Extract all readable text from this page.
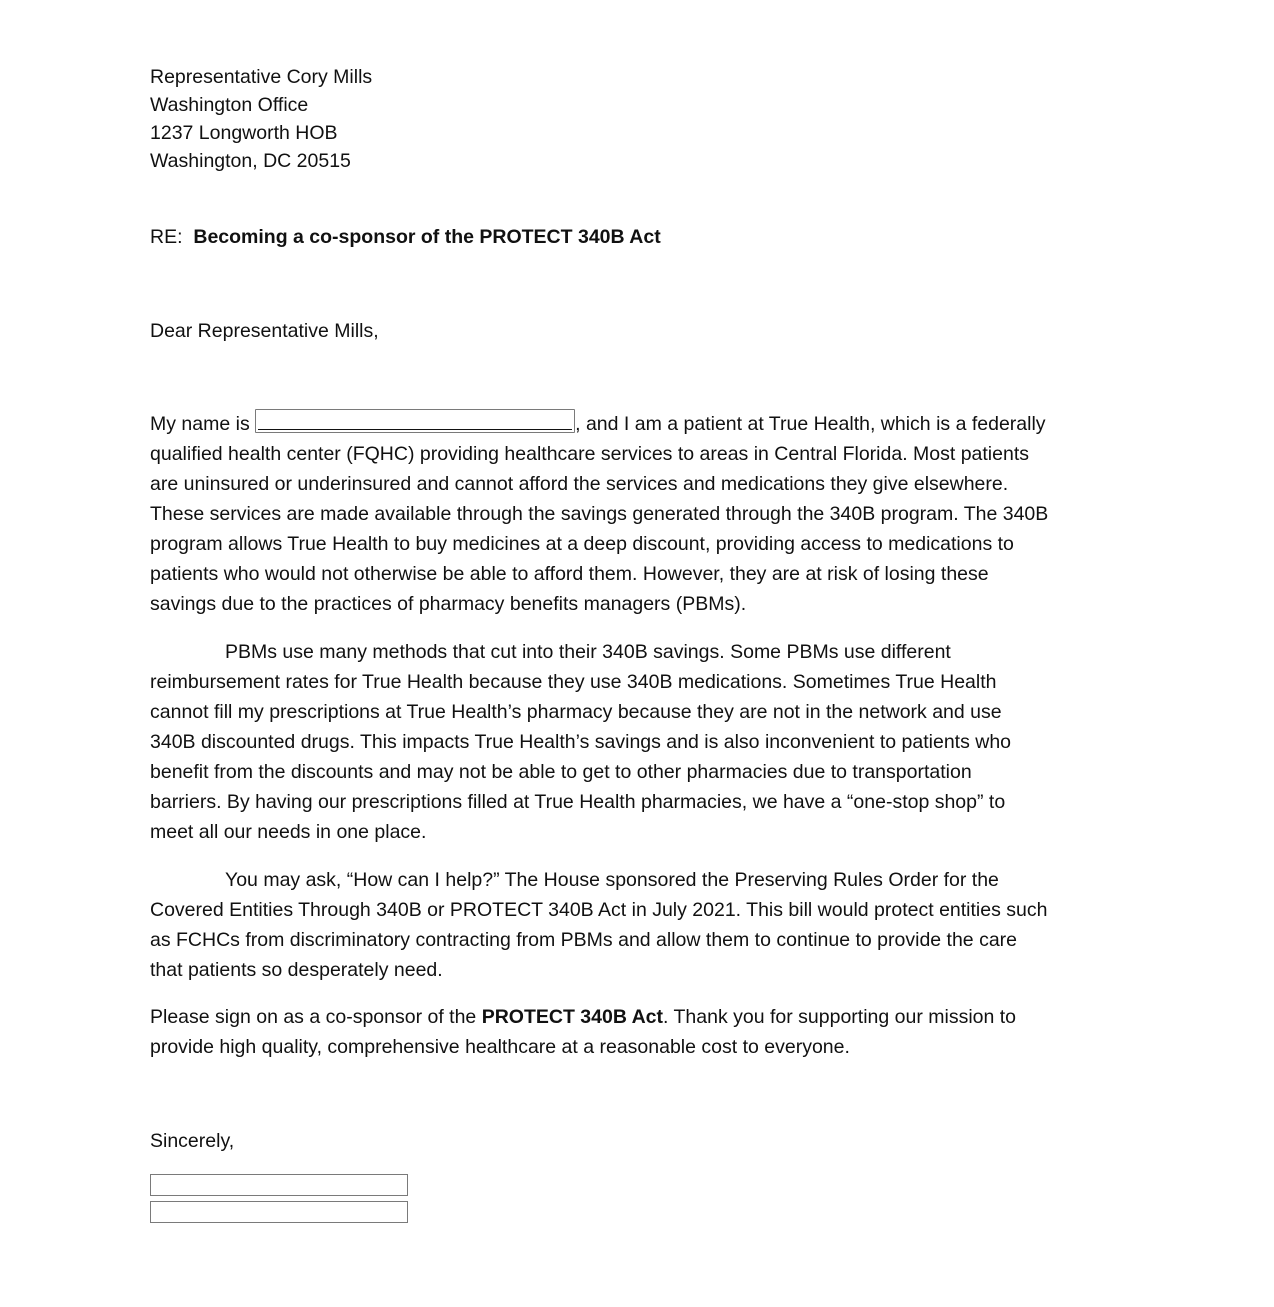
Representative Cory Mills
Washington Office
1237 Longworth HOB
Washington, DC 20515
RE: Becoming a co-sponsor of the PROTECT 340B Act
Dear Representative Mills,
My name is	, and I am a patient at True Health, which is a federally
qualified health center (FQHC) providing healthcare services to areas in Central Florida. Most patients
are uninsured or underinsured and cannot afford the services and medications they give elsewhere.
These services are made available through the savings generated through the 340B program. The 340B
program allows True Health to buy medicines at a deep discount, providing access to medications to
patients who would not otherwise be able to afford them. However, they are at risk of losing these
savings due to the practices of pharmacy benefits managers (PBMs).
PBMs use many methods that cut into their 340B savings. Some PBMs use different
reimbursement rates for True Health because they use 340B medications. Sometimes True Health
cannot fill my prescriptions at True Health’s pharmacy because they are not in the network and use
340B discounted drugs. This impacts True Health’s savings and is also inconvenient to patients who
benefit from the discounts and may not be able to get to other pharmacies due to transportation
barriers. By having our prescriptions filled at True Health pharmacies, we have a “one-stop shop” to
meet all our needs in one place.
You may ask, “How can I help?” The House sponsored the Preserving Rules Order for the
Covered Entities Through 340B or PROTECT 340B Act in July 2021. This bill would protect entities such
as FCHCs from discriminatory contracting from PBMs and allow them to continue to provide the care
that patients so desperately need.
Please sign on as a co-sponsor of the PROTECT 340B Act. Thank you for supporting our mission to
provide high quality, comprehensive healthcare at a reasonable cost to everyone.
Sincerely,
